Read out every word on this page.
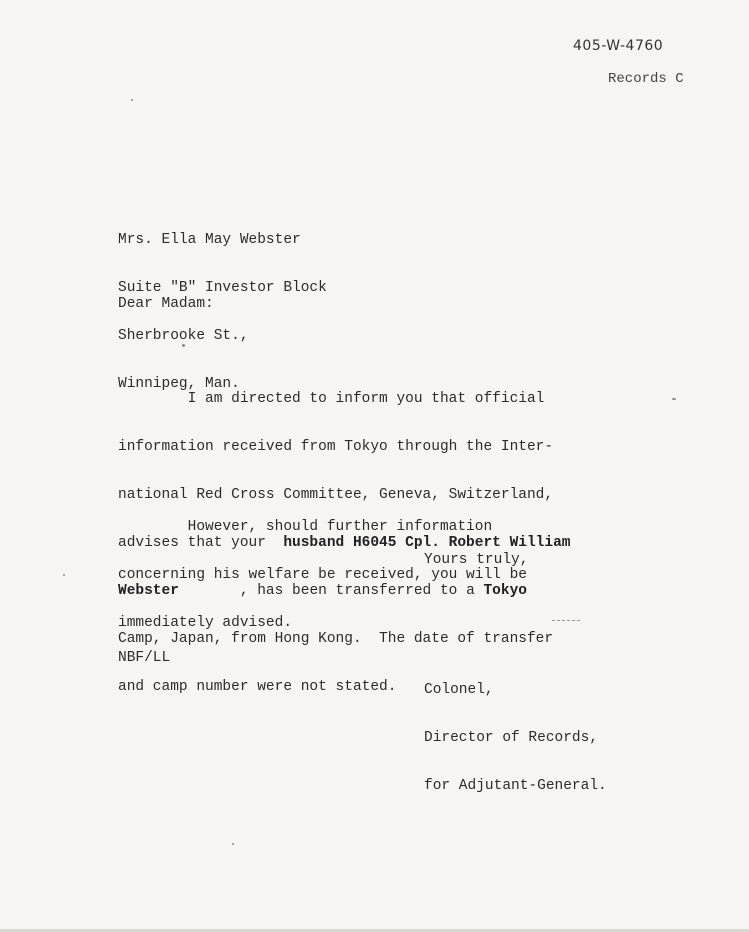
405-W-4760
Records C

Mrs. Ella May Webster

Suite "B" Investor Block

Sherbrooke St.,

Winnipeg, Man.

Dear Madam:

I am directed to inform you that official

information received from Tokyo through the Inter-

national Red Cross Committee, Geneva, Switzerland,

advises that your  husband H6045 Cpl. Robert William

Webster       , has been transferred to a Tokyo

Camp, Japan, from Hong Kong.  The date of transfer

and camp number were not stated.

However, should further information

concerning his welfare be received, you will be

immediately advised.

Yours truly,
NBF/LL

Colonel,

Director of Records,

for Adjutant-General.
